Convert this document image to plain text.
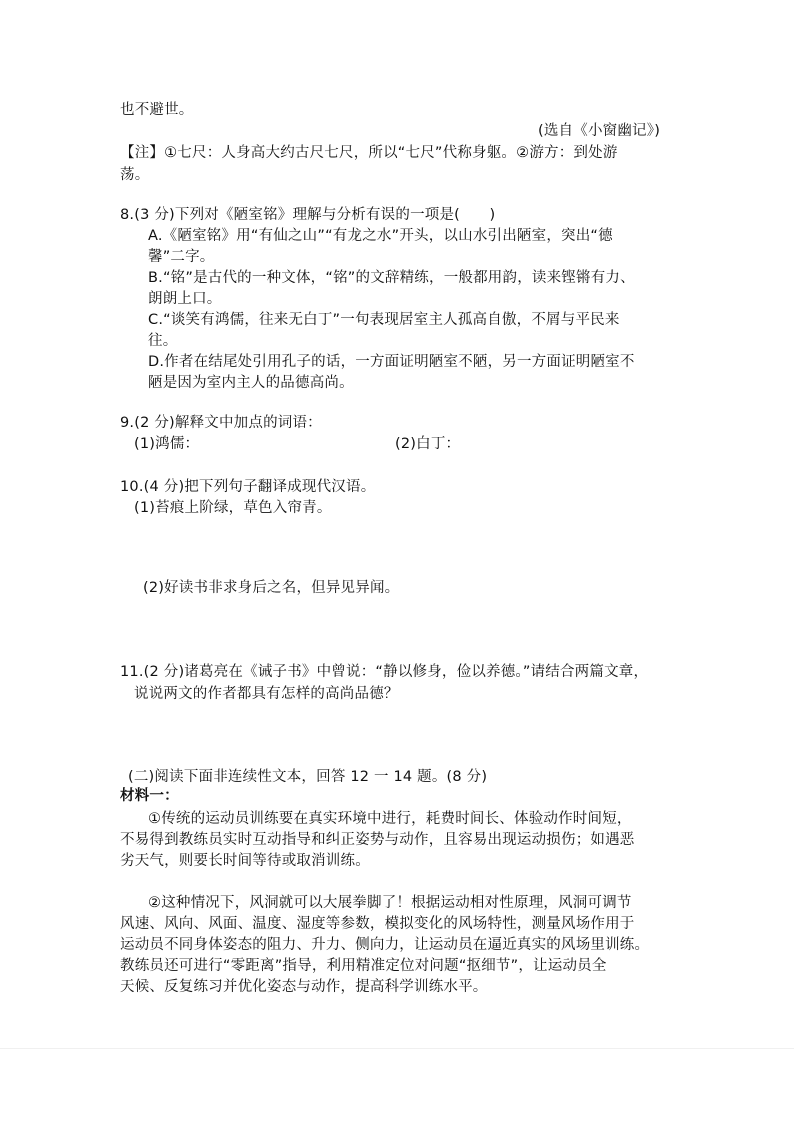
也不避世。
(选自《小窗幽记》)
【注】①七尺：人身高大约古尺七尺，所以“七尺”代称身躯。②游方：到处游
荡。
8.(3 分)下列对《陋室铭》理解与分析有误的一项是(　　)
A.《陋室铭》用“有仙之山”“有龙之水”开头，以山水引出陋室，突出“德
馨”二字。
B.“铭”是古代的一种文体，“铭”的文辞精练，一般都用韵，读来铿锵有力、
朗朗上口。
C.“谈笑有鸿儒，往来无白丁”一句表现居室主人孤高自傲，不屑与平民来
往。
D.作者在结尾处引用孔子的话，一方面证明陋室不陋，另一方面证明陋室不
陋是因为室内主人的品德高尚。
9.(2 分)解释文中加点的词语：
(1)鸿儒：	(2)白丁：
10.(4 分)把下列句子翻译成现代汉语。
(1)苔痕上阶绿，草色入帘青。
(2)好读书非求身后之名，但异见异闻。
11.(2 分)诸葛亮在《诫子书》中曾说：“静以修身，俭以养德。”请结合两篇文章，
说说两文的作者都具有怎样的高尚品德？
(二)阅读下面非连续性文本，回答 12 一 14 题。(8 分)
材料一：
①传统的运动员训练要在真实环境中进行，耗费时间长、体验动作时间短，
不易得到教练员实时互动指导和纠正姿势与动作，且容易出现运动损伤；如遇恶
劣天气，则要长时间等待或取消训练。
②这种情况下，风洞就可以大展拳脚了！根据运动相对性原理，风洞可调节
风速、风向、风面、温度、湿度等参数，模拟变化的风场特性，测量风场作用于
运动员不同身体姿态的阻力、升力、侧向力，让运动员在逼近真实的风场里训练。
教练员还可进行“零距离”指导，利用精准定位对问题“抠细节”，让运动员全
天候、反复练习并优化姿态与动作，提高科学训练水平。
